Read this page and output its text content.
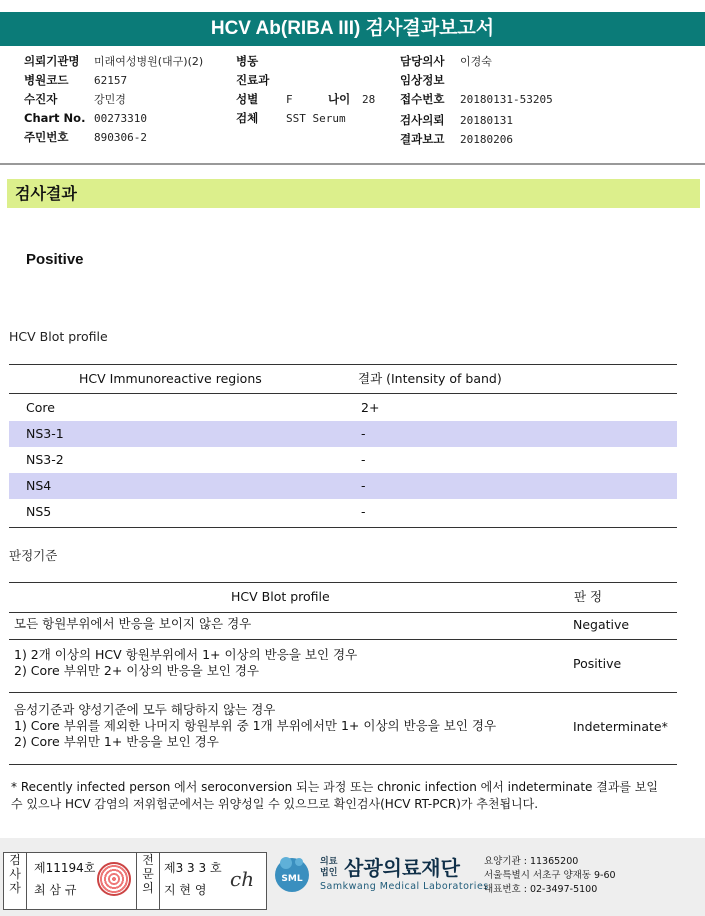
HCV Ab(RIBA III) 검사결과보고서
의뢰기관명 미래여성병원(대구)(2)
병원코드 62157
수진자	강민경
Chart No. 00273310
주민번호 890306-2
병동
진료과
성별	F	나이 28
검체	SST Serum
담당의사 이경숙
임상정보
접수번호 20180131-53205
검사의뢰 20180131
결과보고 20180206
검사결과
Positive
HCV Blot profile
HCV Immunoreactive regions	결과 (Intensity of band)
Core	2+
NS3-1	-
NS3-2	-
NS4	-
NS5	-
판정기준
HCV Blot profile	판 정
모든 항원부위에서 반응을 보이지 않은 경우	Negative
1) 2개 이상의 HCV 항원부위에서 1+ 이상의 반응을 보인 경우
2) Core 부위만 2+ 이상의 반응을 보인 경우	Positive
음성기준과 양성기준에 모두 해당하지 않는 경우
1) Core 부위를 제외한 나머지 항원부위 중 1개 부위에서만 1+ 이상의 반응을 보인 경우
2) Core 부위만 1+ 반응을 보인 경우
Indeterminate*
* Recently infected person 에서 seroconversion 되는 과정 또는 chronic infection 에서 indeterminate 결과를 보일
수 있으나 HCV 감염의 저위험군에서는 위양성일 수 있으므로 확인검사(HCV RT-PCR)가 추천됩니다.
검사자
제11194호
최 삼 규
전문의
제3 3 3 호
지 현 영 ch	SML
의료
법인 삼광의료재단
Samkwang Medical Laboratories
요양기관 : 11365200
서울특별시 서초구 양재동 9-60
대표번호 : 02-3497-5100
